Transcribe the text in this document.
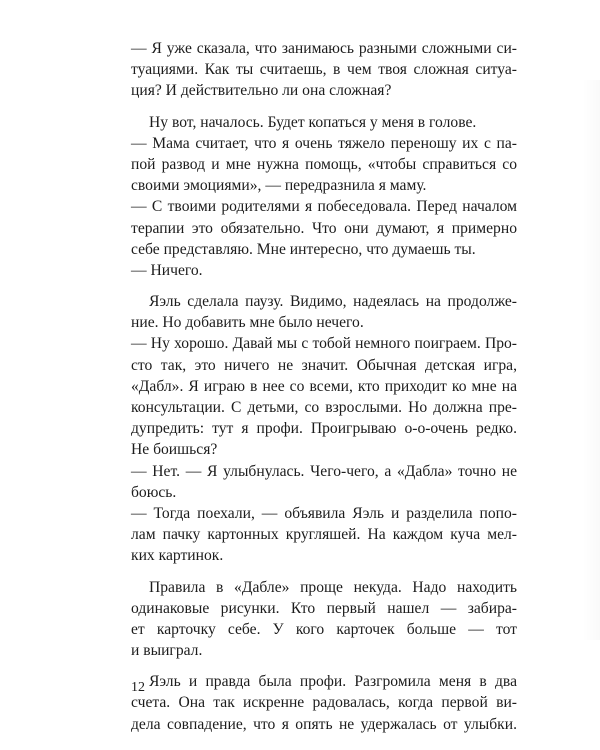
— Я уже сказала, что занимаюсь разными сложными си-
туациями. Как ты считаешь, в чем твоя сложная ситуа-
ция? И действительно ли она сложная?
Ну вот, началось. Будет копаться у меня в голове.
— Мама считает, что я очень тяжело переношу их с па-
пой развод и мне нужна помощь, «чтобы справиться со
своими эмоциями», — передразнила я маму.
— С твоими родителями я побеседовала. Перед началом
терапии это обязательно. Что они думают, я примерно
себе представляю. Мне интересно, что думаешь ты.
— Ничего.
Яэль сделала паузу. Видимо, надеялась на продолже-
ние. Но добавить мне было нечего.
— Ну хорошо. Давай мы с тобой немного поиграем. Про-
сто так, это ничего не значит. Обычная детская игра,
«Дабл». Я играю в нее со всеми, кто приходит ко мне на
консультации. С детьми, со взрослыми. Но должна пре-
дупредить: тут я профи. Проигрываю о-о-очень редко.
Не боишься?
— Нет. — Я улыбнулась. Чего-чего, а «Дабла» точно не
боюсь.
— Тогда поехали, — объявила Яэль и разделила попо-
лам пачку картонных кругляшей. На каждом куча мел-
ких картинок.
Правила в «Дабле» проще некуда. Надо находить
одинаковые рисунки. Кто первый нашел — забира-
ет карточку себе. У кого карточек больше — тот
и выиграл.
Яэль и правда была профи. Разгромила меня в два
счета. Она так искренне радовалась, когда первой ви-
дела совпадение, что я опять не удержалась от улыбки.
12
